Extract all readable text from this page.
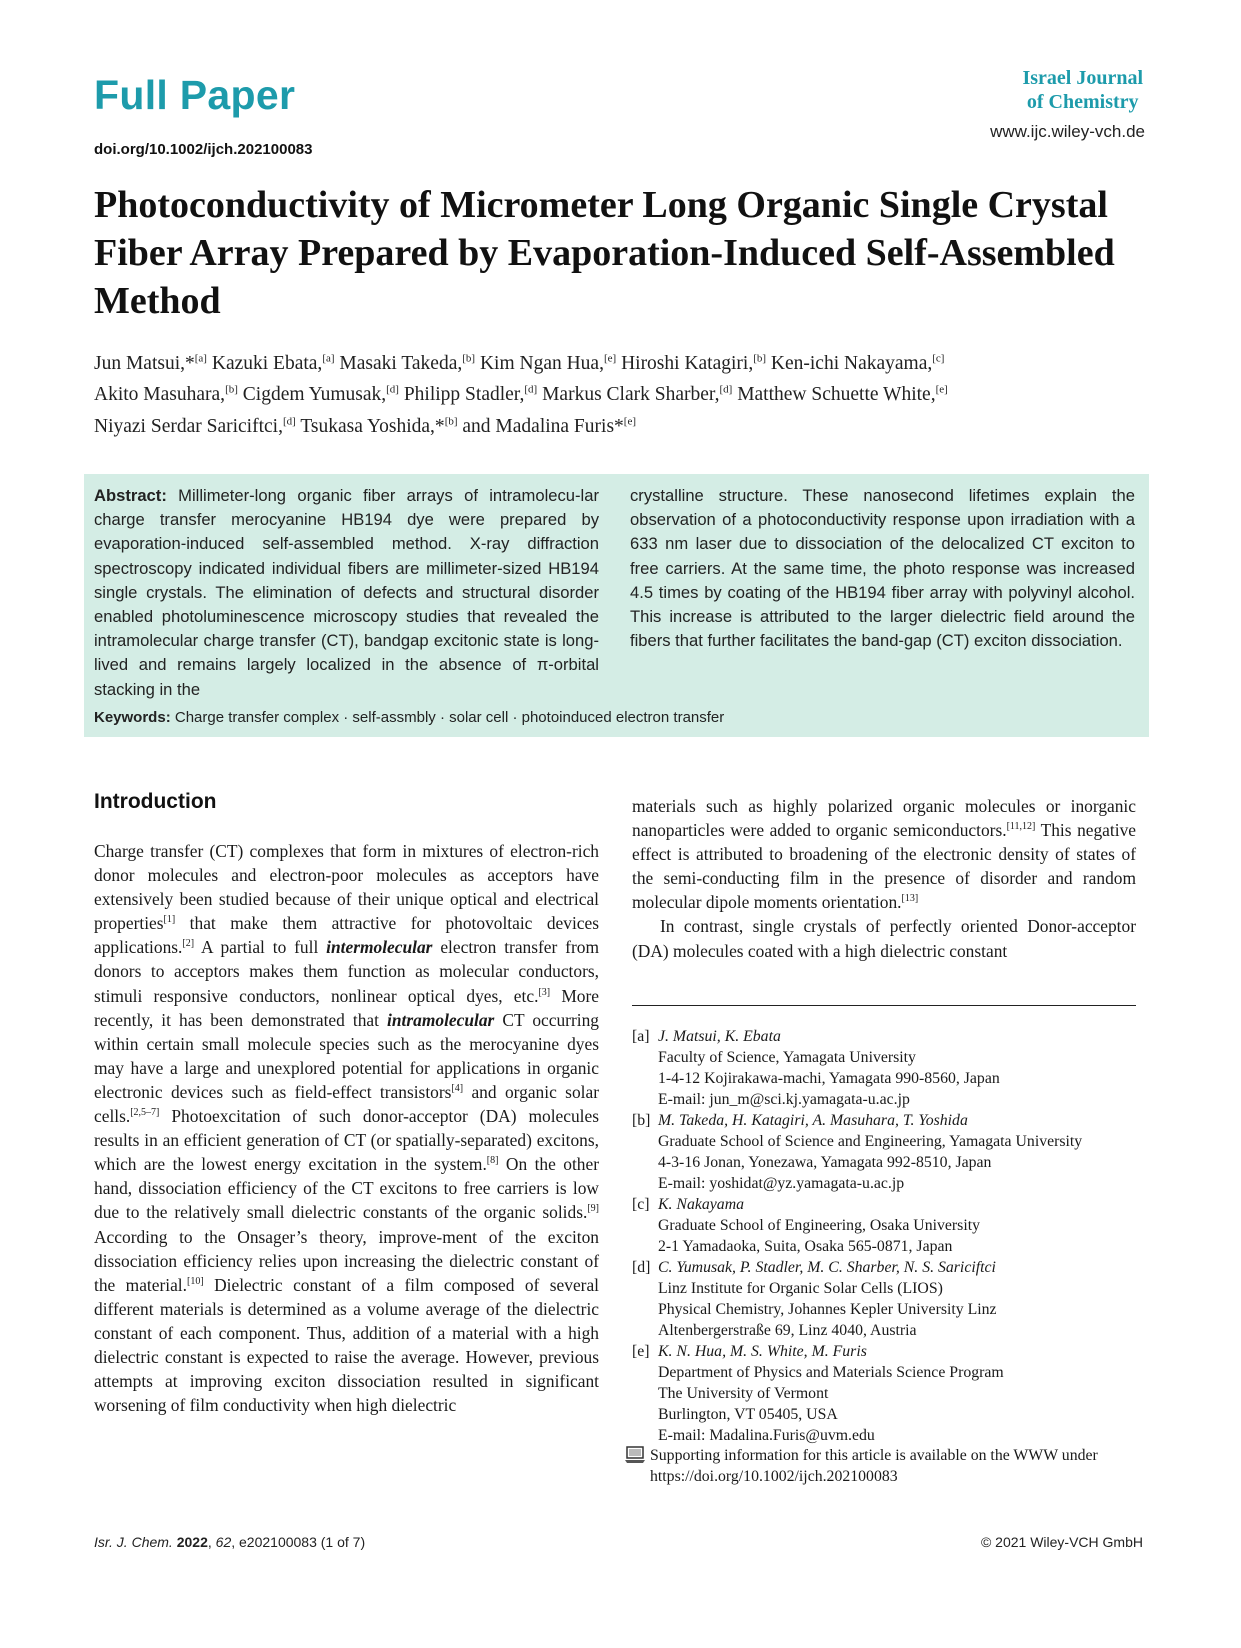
Full Paper	Israel Journal
of Chemistry
www.ijc.wiley-vch.de
doi.org/10.1002/ijch.202100083
Photoconductivity of Micrometer Long Organic Single Crystal Fiber Array Prepared by Evaporation-Induced Self-Assembled Method
Jun Matsui,*[a] Kazuki Ebata,[a] Masaki Takeda,[b] Kim Ngan Hua,[e] Hiroshi Katagiri,[b] Ken-ichi Nakayama,[c]
Akito Masuhara,[b] Cigdem Yumusak,[d] Philipp Stadler,[d] Markus Clark Sharber,[d] Matthew Schuette White,[e]
Niyazi Serdar Sariciftci,[d] Tsukasa Yoshida,*[b] and Madalina Furis*[e]
Abstract: Millimeter-long organic fiber arrays of intramolecu-lar charge transfer merocyanine HB194 dye were prepared by evaporation-induced self-assembled method. X-ray diffraction spectroscopy indicated individual fibers are millimeter-sized HB194 single crystals. The elimination of defects and structural disorder enabled photoluminescence microscopy studies that revealed the intramolecular charge transfer (CT), bandgap excitonic state is long-lived and remains largely localized in the absence of π-orbital stacking in the
crystalline structure. These nanosecond lifetimes explain the observation of a photoconductivity response upon irradiation with a 633 nm laser due to dissociation of the delocalized CT exciton to free carriers. At the same time, the photo response was increased 4.5 times by coating of the HB194 fiber array with polyvinyl alcohol. This increase is attributed to the larger dielectric field around the fibers that further facilitates the band-gap (CT) exciton dissociation.
Keywords: Charge transfer complex · self-assmbly · solar cell · photoinduced electron transfer
Introduction

Charge transfer (CT) complexes that form in mixtures of electron-rich donor molecules and electron-poor molecules as acceptors have extensively been studied because of their unique optical and electrical properties[1] that make them attractive for photovoltaic devices applications.[2] A partial to full intermolecular electron transfer from donors to acceptors makes them function as molecular conductors, stimuli responsive conductors, nonlinear optical dyes, etc.[3] More recently, it has been demonstrated that intramolecular CT occurring within certain small molecule species such as the merocyanine dyes may have a large and unexplored potential for applications in organic electronic devices such as field-effect transistors[4] and organic solar cells.[2,5–7] Photoexcitation of such donor-acceptor (DA) molecules results in an efficient generation of CT (or spatially-separated) excitons, which are the lowest energy excitation in the system.[8] On the other hand, dissociation efficiency of the CT excitons to free carriers is low due to the relatively small dielectric constants of the organic solids.[9] According to the Onsager’s theory, improve-ment of the exciton dissociation efficiency relies upon increasing the dielectric constant of the material.[10] Dielectric constant of a film composed of several different materials is determined as a volume average of the dielectric constant of each component. Thus, addition of a material with a high dielectric constant is expected to raise the average. However, previous attempts at improving exciton dissociation resulted in significant worsening of film conductivity when high dielectric

materials such as highly polarized organic molecules or inorganic nanoparticles were added to organic semiconductors.[11,12] This negative effect is attributed to broadening of the electronic density of states of the semi-conducting film in the presence of disorder and random molecular dipole moments orientation.[13]

In contrast, single crystals of perfectly oriented Donor-acceptor (DA) molecules coated with a high dielectric constant

[a] J. Matsui, K. Ebata
Faculty of Science, Yamagata University
1-4-12 Kojirakawa-machi, Yamagata 990-8560, Japan
E-mail: jun_m@sci.kj.yamagata-u.ac.jp
[b] M. Takeda, H. Katagiri, A. Masuhara, T. Yoshida
Graduate School of Science and Engineering, Yamagata University
4-3-16 Jonan, Yonezawa, Yamagata 992-8510, Japan
E-mail: yoshidat@yz.yamagata-u.ac.jp
[c] K. Nakayama
Graduate School of Engineering, Osaka University
2-1 Yamadaoka, Suita, Osaka 565-0871, Japan
[d] C. Yumusak, P. Stadler, M. C. Sharber, N. S. Sariciftci
Linz Institute for Organic Solar Cells (LIOS)
Physical Chemistry, Johannes Kepler University Linz
Altenbergerstraße 69, Linz 4040, Austria
[e] K. N. Hua, M. S. White, M. Furis
Department of Physics and Materials Science Program
The University of Vermont
Burlington, VT 05405, USA
E-mail: Madalina.Furis@uvm.edu
Supporting information for this article is available on the WWW under https://doi.org/10.1002/ijch.202100083
Isr. J. Chem. 2022, 62, e202100083 (1 of 7)	© 2021 Wiley-VCH GmbH
